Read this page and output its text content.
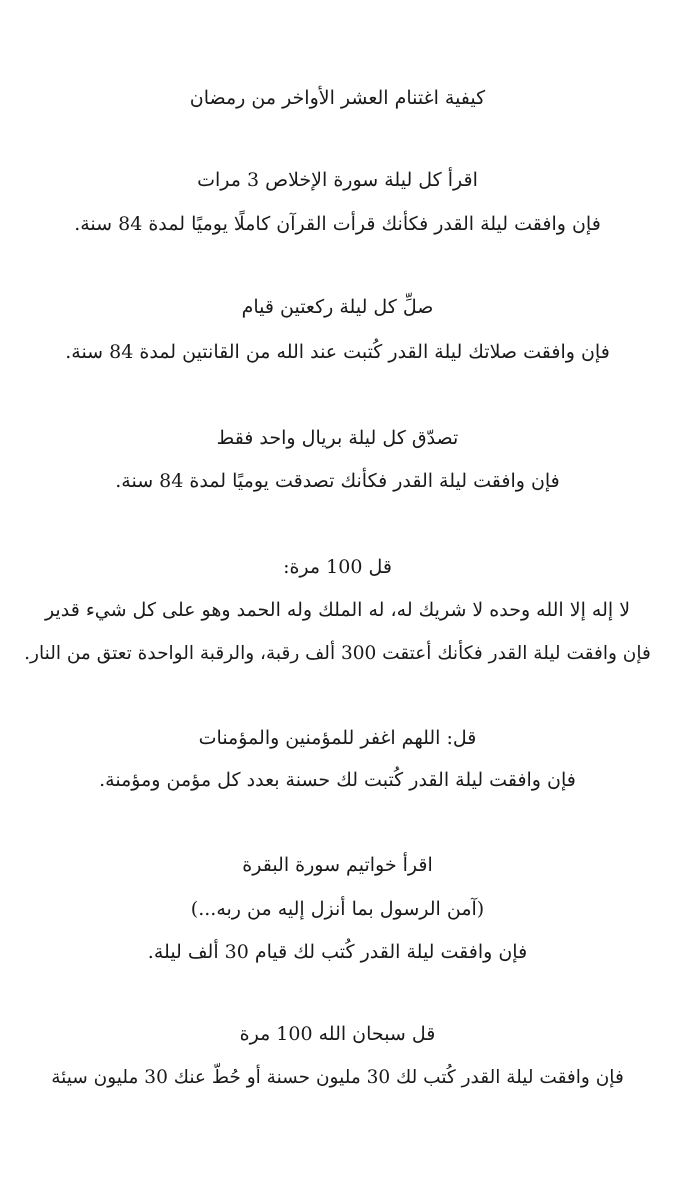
كيفية اغتنام العشر الأواخر من رمضان
اقرأ كل ليلة سورة الإخلاص 3 مرات
فإن وافقت ليلة القدر فكأنك قرأت القرآن كاملًا يوميًا لمدة 84 سنة.
صلِّ كل ليلة ركعتين قيام
فإن وافقت صلاتك ليلة القدر كُتبت عند الله من القانتين لمدة 84 سنة.
تصدّق كل ليلة بريال واحد فقط
فإن وافقت ليلة القدر فكأنك تصدقت يوميًا لمدة 84 سنة.
قل 100 مرة:
لا إله إلا الله وحده لا شريك له، له الملك وله الحمد وهو على كل شيء قدير
فإن وافقت ليلة القدر فكأنك أعتقت 300 ألف رقبة، والرقبة الواحدة تعتق من النار.
قل: اللهم اغفر للمؤمنين والمؤمنات
فإن وافقت ليلة القدر كُتبت لك حسنة بعدد كل مؤمن ومؤمنة.
اقرأ خواتيم سورة البقرة
(آمن الرسول بما أنزل إليه من ربه...)
فإن وافقت ليلة القدر كُتب لك قيام 30 ألف ليلة.
قل سبحان الله 100 مرة
فإن وافقت ليلة القدر كُتب لك 30 مليون حسنة أو حُطّ عنك 30 مليون سيئة
